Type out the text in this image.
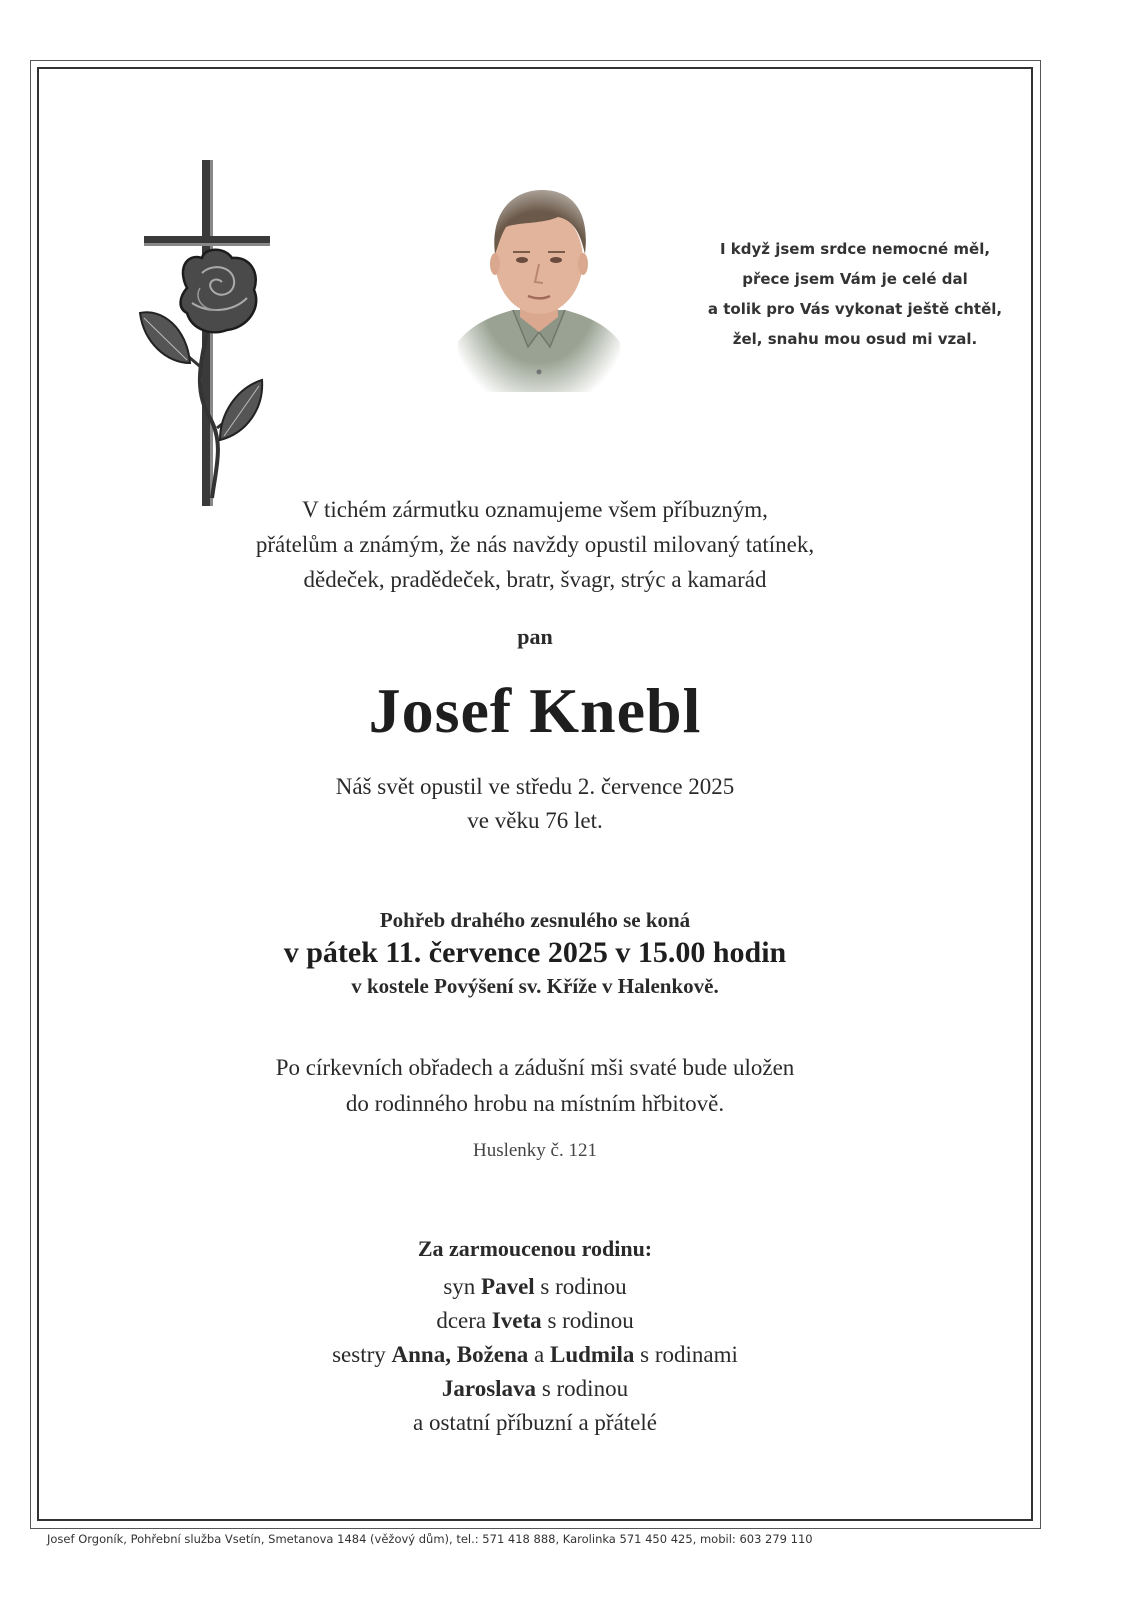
I když jsem srdce nemocné měl,
přece jsem Vám je celé dal
a tolik pro Vás vykonat ještě chtěl,
žel, snahu mou osud mi vzal.
V tichém zármutku oznamujeme všem příbuzným,
přátelům a známým, že nás navždy opustil milovaný tatínek,
dědeček, pradědeček, bratr, švagr, strýc a kamarád
pan
Josef Knebl
Náš svět opustil ve středu 2. července 2025
ve věku 76 let.
Pohřeb drahého zesnulého se koná
v pátek 11. července 2025 v 15.00 hodin
v kostele Povýšení sv. Kříže v Halenkově.
Po církevních obřadech a zádušní mši svaté bude uložen
do rodinného hrobu na místním hřbitově.
Huslenky č. 121
Za zarmoucenou rodinu:
syn Pavel s rodinou
dcera Iveta s rodinou
sestry Anna, Božena a Ludmila s rodinami
Jaroslava s rodinou
a ostatní příbuzní a přátelé
Josef Orgoník, Pohřební služba Vsetín, Smetanova 1484 (věžový dům), tel.: 571 418 888, Karolinka 571 450 425, mobil: 603 279 110
